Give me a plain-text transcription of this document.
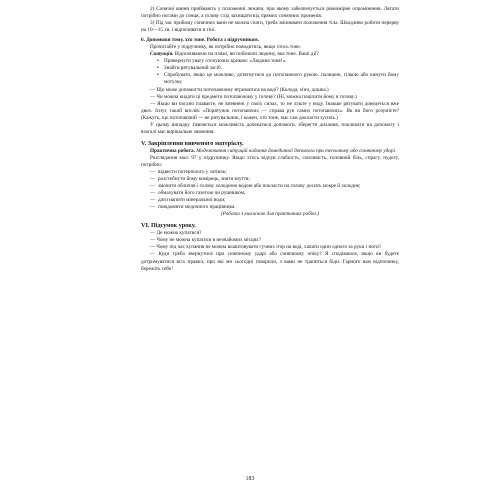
2) Сонячні ванни приймають у положенні лежачи, при якому забезпечується рівномірне опромінення. Лягати потрібно ногами до сонця, а голову слід захищати від прямих сонячних променів.

3) Під час прийому сонячних ванн не можна спати, треба змінювати положення тіла. Шкодливо робити перерву на 10—15 хв. і відпочивати в тіні.

6. Допоможи тому, хто тоне. Робота з підручником.

Прочитайте у підручнику, як потрібно поводитись, якщо хтось тоне.

Ситуація. Відпочиваючи на пляжі, ви побачили людину, яка тоне. Ваші дії?

• Привернути увагу оточуючих криком: «Людина тоне!».
• Знайти рятувальний засіб.
• Спробувати, якщо це можливо, дотягнутися до потопаючого рукою, палицею, гілкою або кинути йому мотузку.

— Що може допомогти потопаючому втриматися на воді? (Колода, м'яч, дошка.)

— Чи можна кидати ці предмети потопаючому у голову? (Ні, можна поцілити йому в голову.)

— Якщо ви погано плаваєте, не впевнені у своїх силах, то не лізьте у воду. Інакше рятувати доведеться вже двох. Існує такий вислів: «Порятунок потопаючих — справа рук самих потопаючих». Як ви його розумієте? (Кажуть, що потопаючий — не рятувальник, і кожен, хто тоне, має сам докласти зусиль.)

У цьому випадку з'являється можливість дочекатися допомоги, зберегти дихання, покликати на допомогу і взагалі має вирішальне значення.

V. Закріплення вивченого матеріалу.

Практична робота. Моделювання ситуацій надання домедичної допомоги при тепловому або сонячному ударі.

Розглядання мал. 97 у підручнику. Якщо хтось відчув слабкість, сонливість, головний біль, спрагу, нудоту, потрібно:

— відвести потерпілого у затінок;
— розстебнути йому комірець, зняти взуття;
— змочити обличчя і голову холодною водою або покласти на голову досить мокре й холодне;
— обмахувати його газетою чи рушником;
— дати напити мінеральної води;
— повідомити медичного працівника.

(Робота з книжкою для практичних робіт.)

VI. Підсумок уроку.

— Де можна купатися?

— Чому не можна купатися в незнайомих місцях?

— Чому під час купання не можна влаштовувати гучних ігор на воді, хапати один одного за руки і ноги?

— Куди треба звернутися при сонячному ударі або сонячному опіку? Я сподіваюся, якщо ви будете дотримуватися всіх правил, про які ми сьогодні говорили, з вами не трапиться біди. Гарного вам відпочинку, бережіть себе!

183
